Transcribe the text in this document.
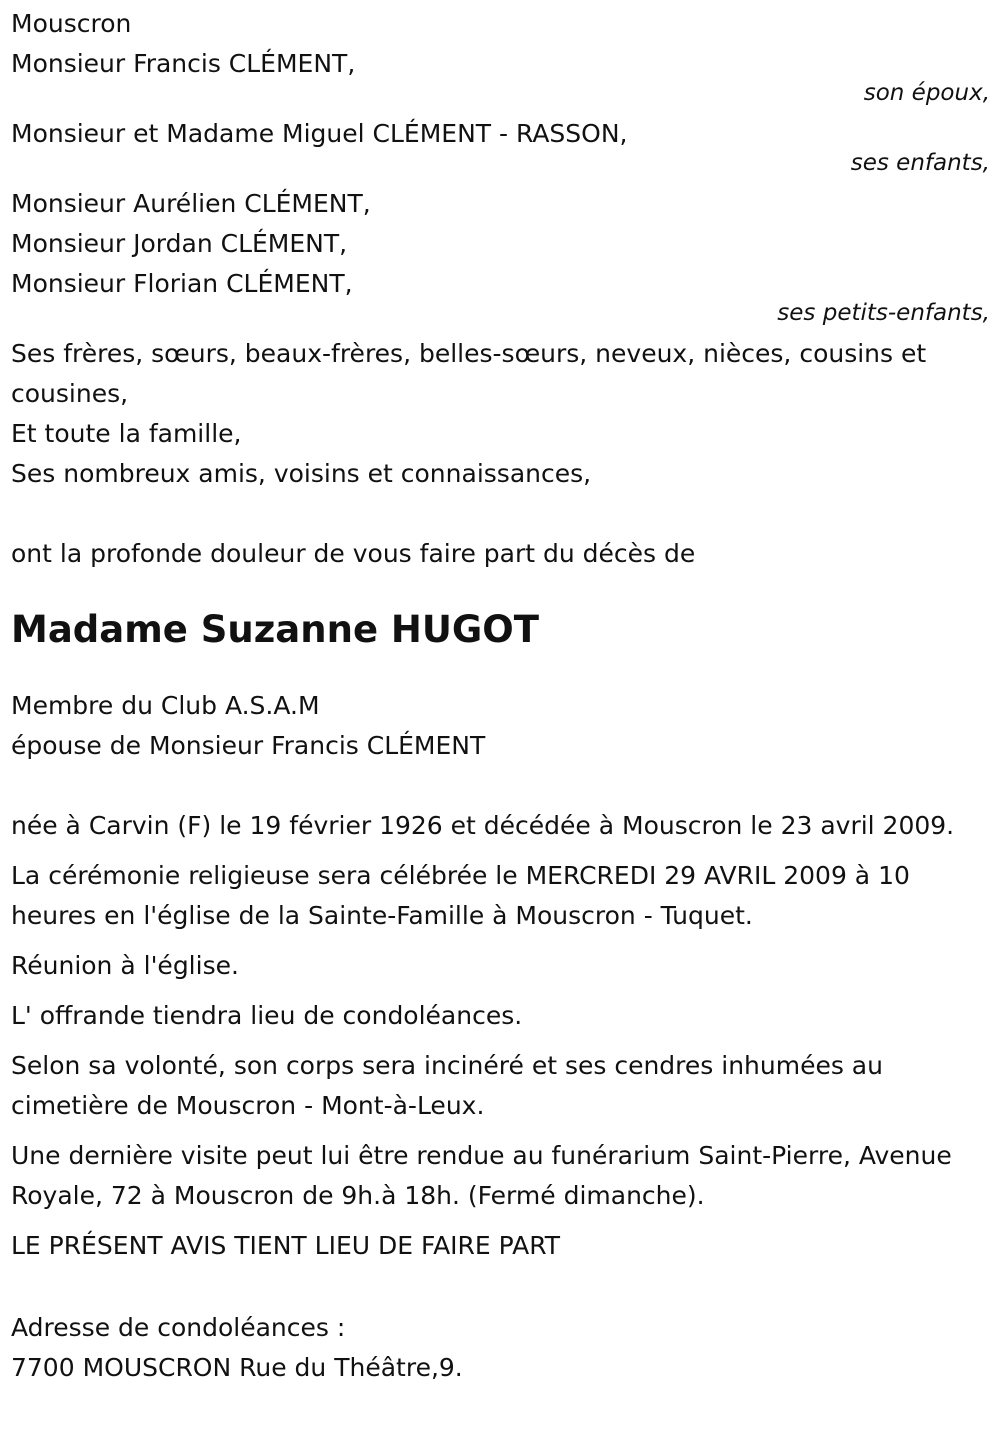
Mouscron

Monsieur Francis CLÉMENT,

son époux,

Monsieur et Madame Miguel CLÉMENT - RASSON,

ses enfants,

Monsieur Aurélien CLÉMENT,

Monsieur Jordan CLÉMENT,

Monsieur Florian CLÉMENT,

ses petits-enfants,

Ses frères, sœurs, beaux-frères, belles-sœurs, neveux, nièces, cousins et cousines,

Et toute la famille,

Ses nombreux amis, voisins et connaissances,

ont la profonde douleur de vous faire part du décès de

Madame Suzanne HUGOT

Membre du Club A.S.A.M

épouse de Monsieur Francis CLÉMENT

née à Carvin (F) le 19 février 1926 et décédée à Mouscron le 23 avril 2009.

La cérémonie religieuse sera célébrée le MERCREDI 29 AVRIL 2009 à 10 heures en l'église de la Sainte-Famille à Mouscron - Tuquet.

Réunion à l'église.

L' offrande tiendra lieu de condoléances.

Selon sa volonté, son corps sera incinéré et ses cendres inhumées au cimetière de Mouscron - Mont-à-Leux.

Une dernière visite peut lui être rendue au funérarium Saint-Pierre, Avenue Royale, 72 à Mouscron de 9h.à 18h. (Fermé dimanche).

LE PRÉSENT AVIS TIENT LIEU DE FAIRE PART

Adresse de condoléances :

7700 MOUSCRON Rue du Théâtre,9.
